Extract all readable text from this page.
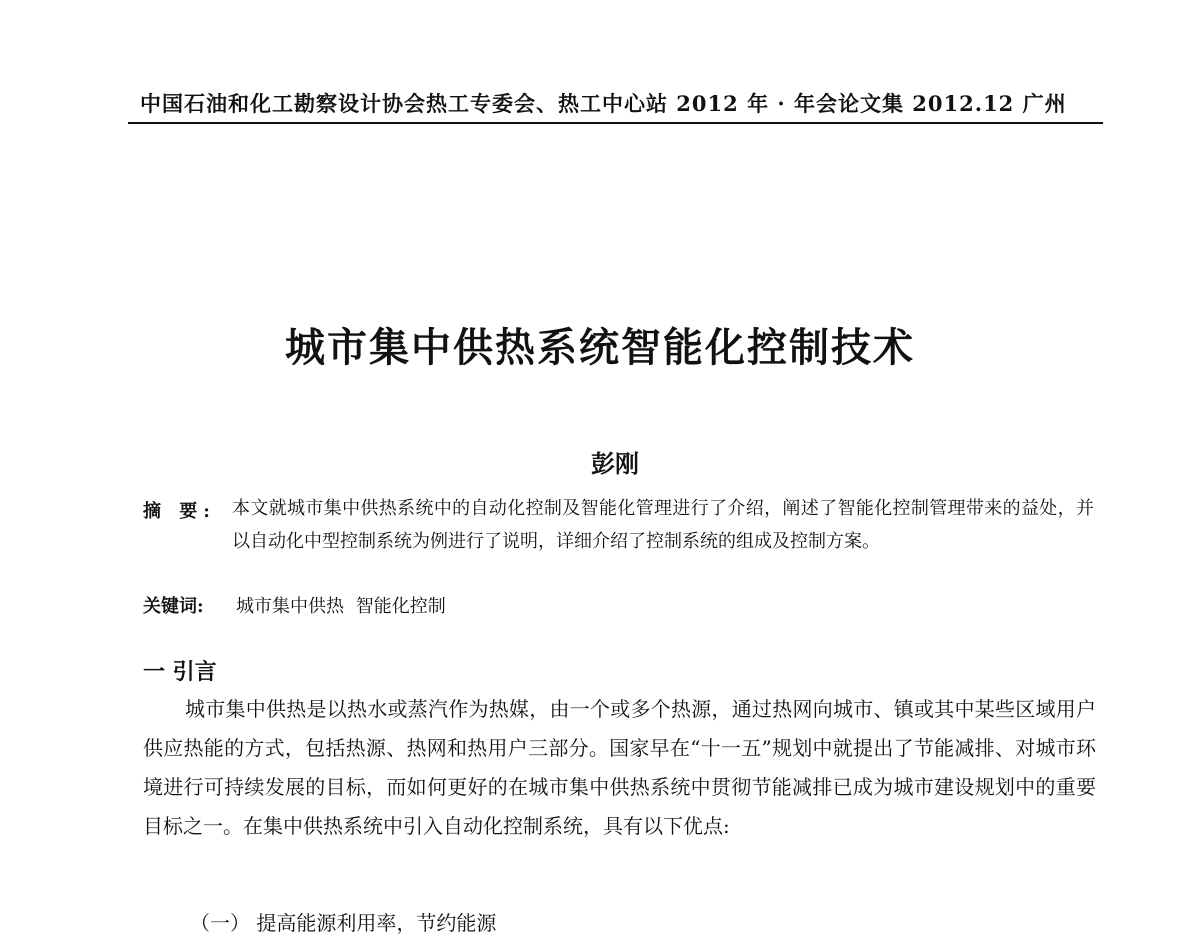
中国石油和化工勘察设计协会热工专委会、热工中心站 2012 年 · 年会论文集 2012.12 广州
城市集中供热系统智能化控制技术
彭刚
摘 要: 本文就城市集中供热系统中的自动化控制及智能化管理进行了介绍，阐述了智能化控制管理带来的益处，并以自动化中型控制系统为例进行了说明，详细介绍了控制系统的组成及控制方案。
关键词: 城市集中供热 智能化控制
一 引言
城市集中供热是以热水或蒸汽作为热媒，由一个或多个热源，通过热网向城市、镇或其中某些区域用户供应热能的方式，包括热源、热网和热用户三部分。国家早在“十一五”规划中就提出了节能减排、对城市环境进行可持续发展的目标，而如何更好的在城市集中供热系统中贯彻节能减排已成为城市建设规划中的重要目标之一。在集中供热系统中引入自动化控制系统，具有以下优点:
（一） 提高能源利用率，节约能源
